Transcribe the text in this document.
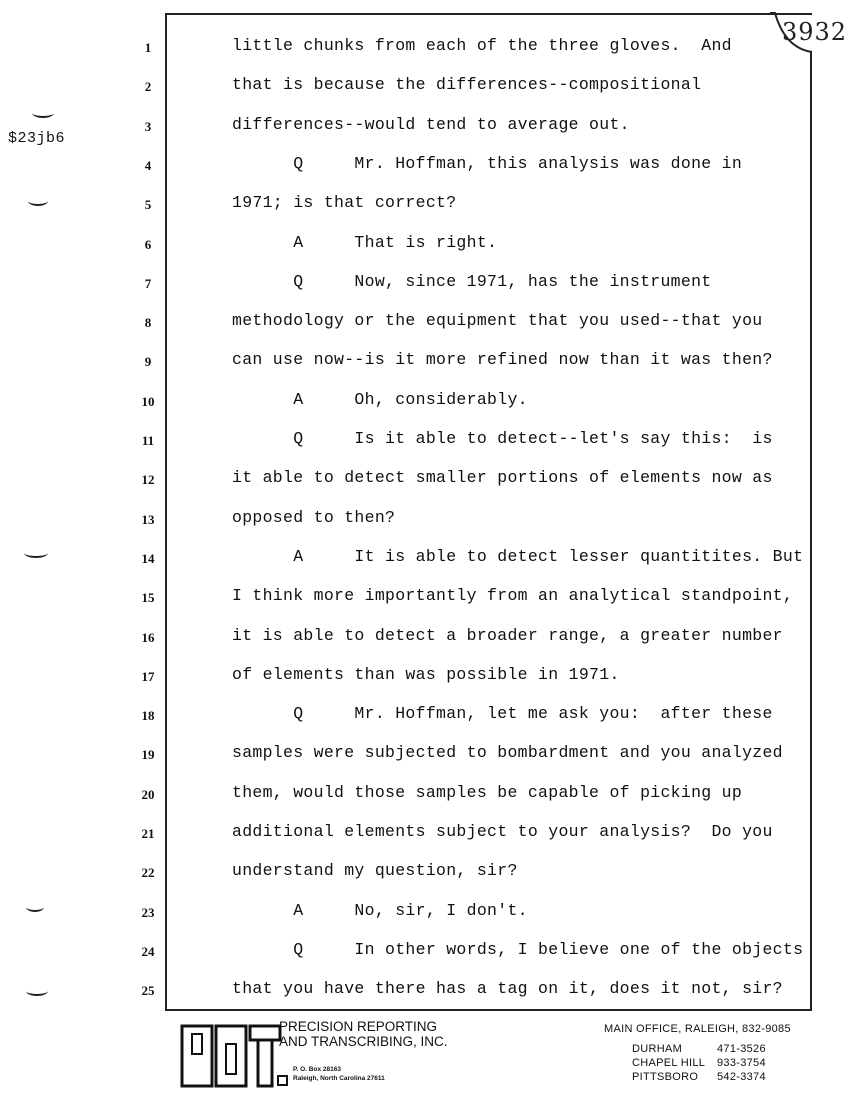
$23jb6
3932
1	little chunks from each of the three gloves.  And
2	that is because the differences--compositional
3	differences--would tend to average out.
4	Q     Mr. Hoffman, this analysis was done in
5	1971; is that correct?
6	A     That is right.
7	Q     Now, since 1971, has the instrument
8	methodology or the equipment that you used--that you
9	can use now--is it more refined now than it was then?
10	A     Oh, considerably.
11	Q     Is it able to detect--let's say this:  is
12	it able to detect smaller portions of elements now as
13	opposed to then?
14	A     It is able to detect lesser quantitites. But
15	I think more importantly from an analytical standpoint,
16	it is able to detect a broader range, a greater number
17	of elements than was possible in 1971.
18	Q     Mr. Hoffman, let me ask you:  after these
19	samples were subjected to bombardment and you analyzed
20	them, would those samples be capable of picking up
21	additional elements subject to your analysis?  Do you
22	understand my question, sir?
23	A     No, sir, I don't.
24	Q     In other words, I believe one of the objects
25	that you have there has a tag on it, does it not, sir?
PRECISION REPORTING
AND TRANSCRIBING, INC.
P. O. Box 28163
Raleigh, North Carolina 27611
MAIN OFFICE, RALEIGH, 832-9085
DURHAM	471-3526
CHAPEL HILL 933-3754
PITTSBORO 542-3374
